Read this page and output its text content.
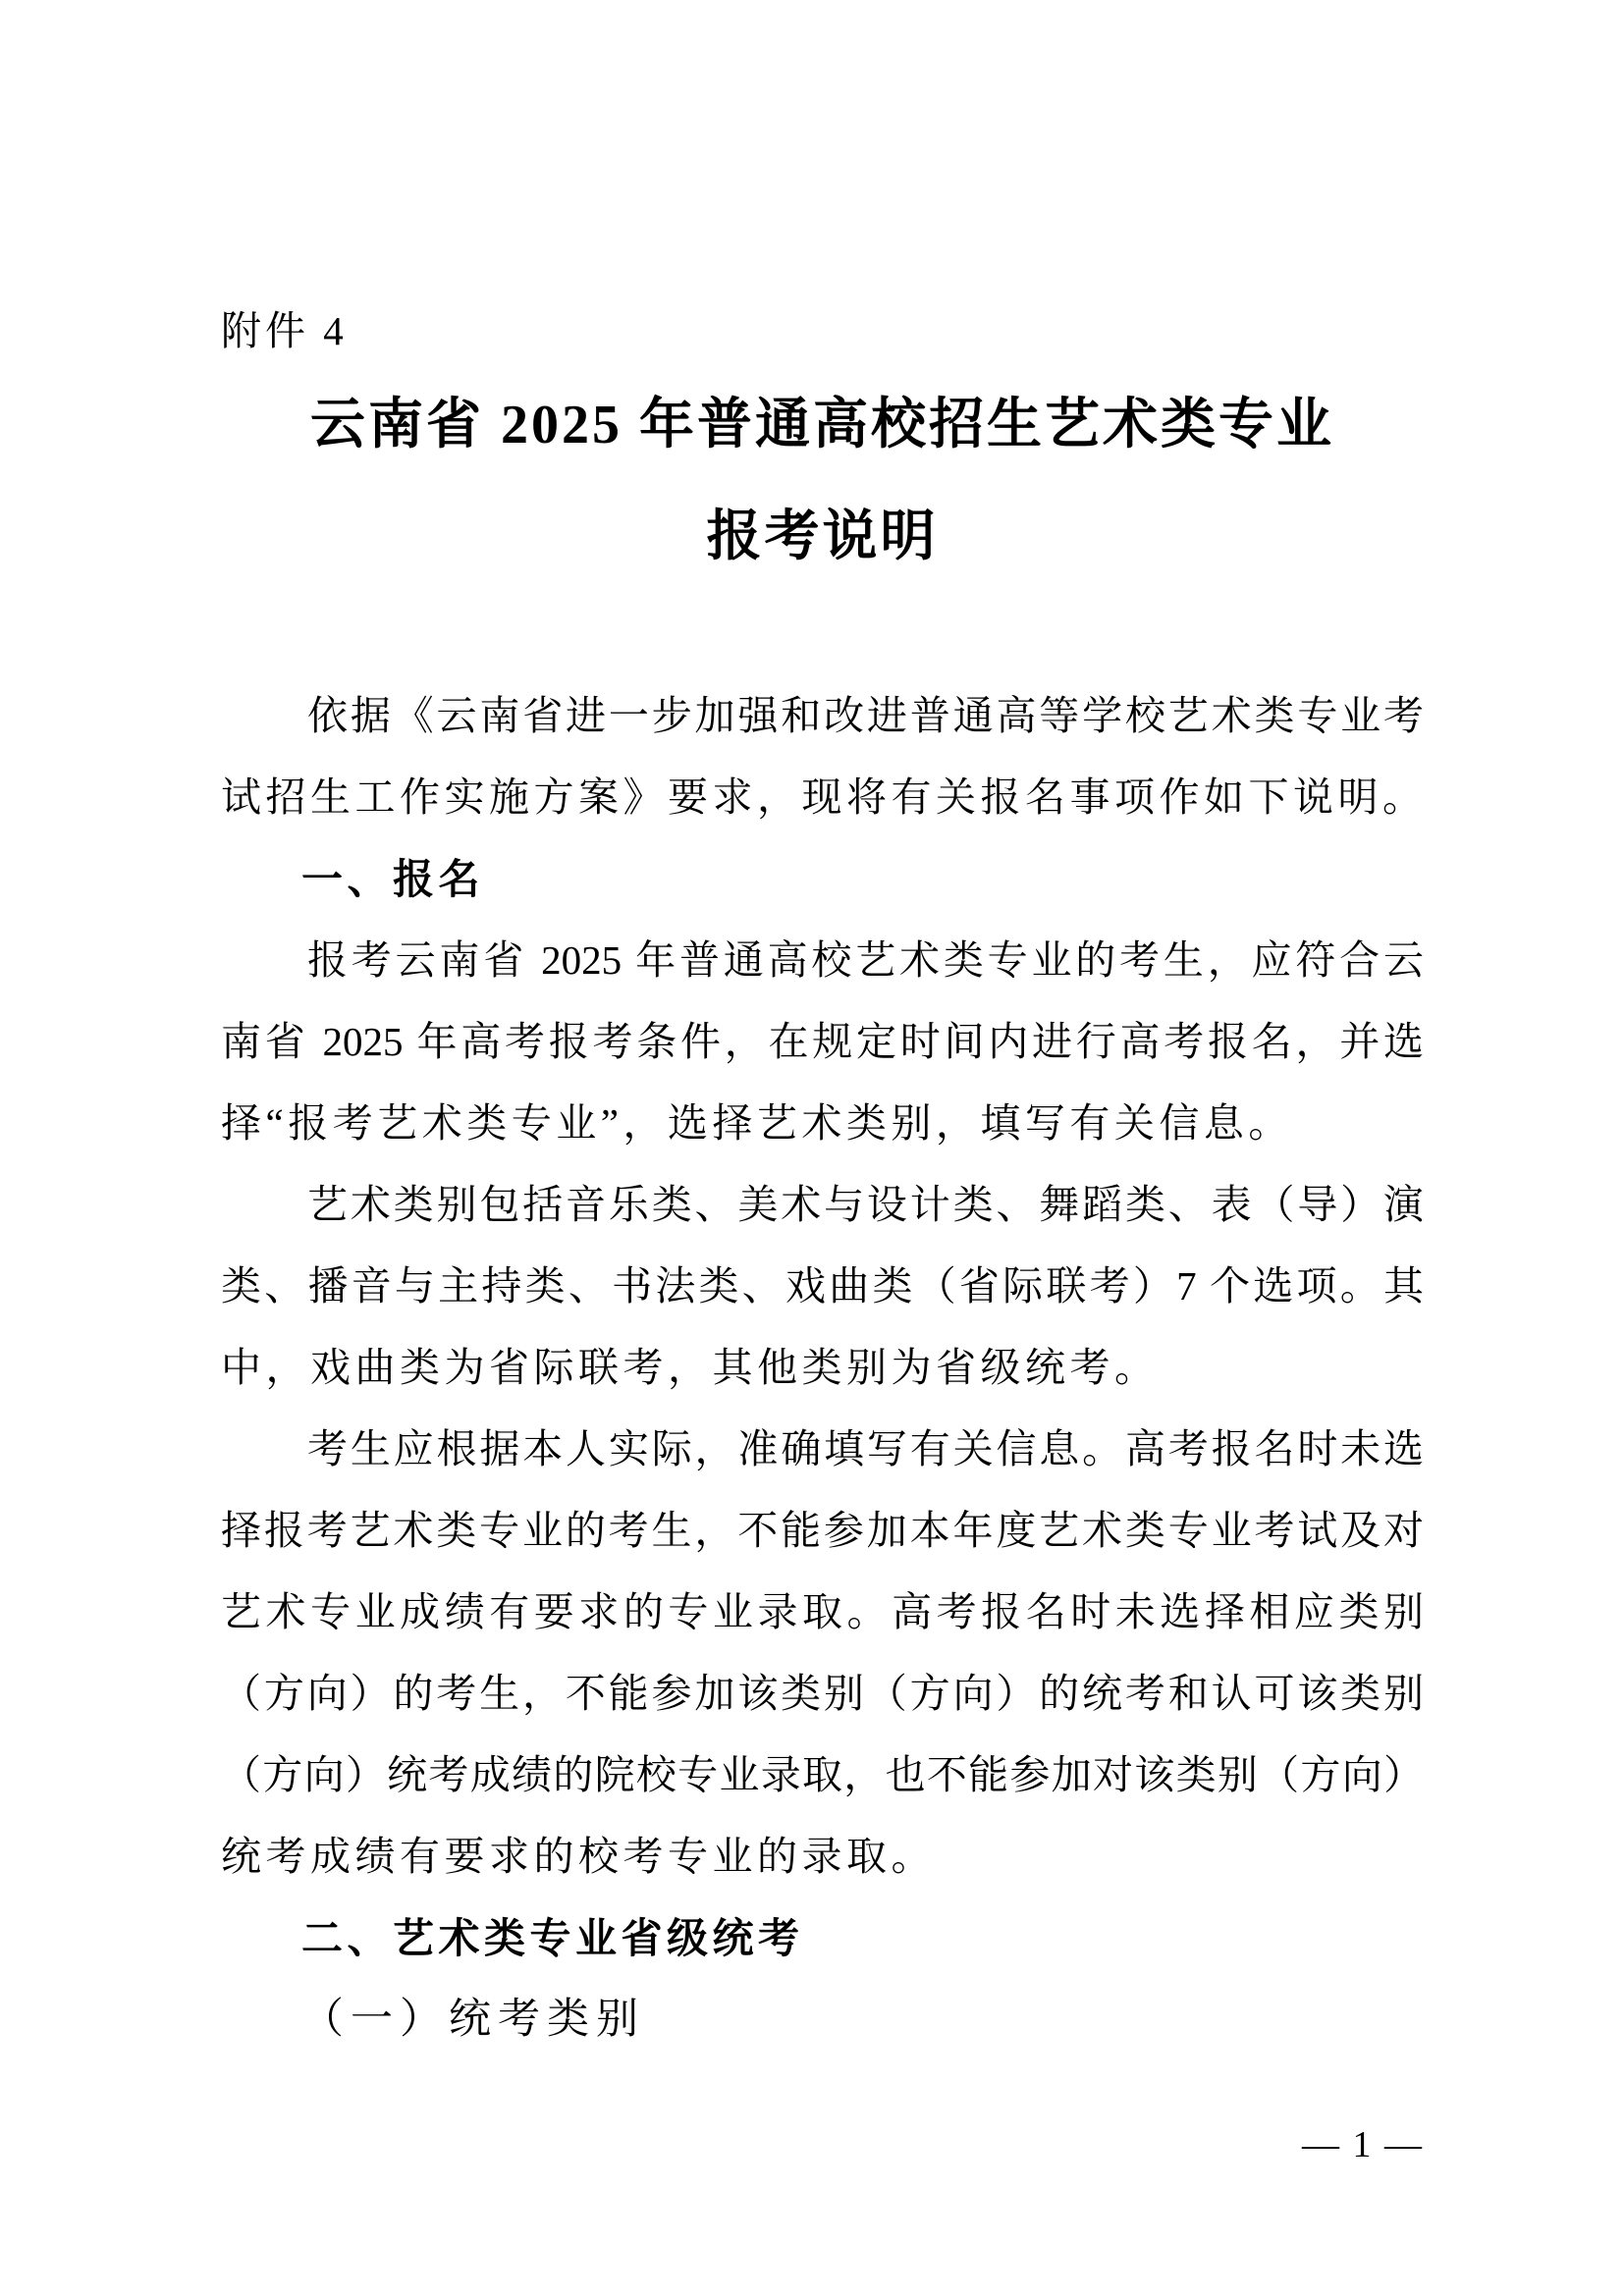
附件 4
云南省 2025 年普通高校招生艺术类专业
报考说明
依据《云南省进一步加强和改进普通高等学校艺术类专业考
试招生工作实施方案》要求，现将有关报名事项作如下说明。
一、报名
报考云南省 2025 年普通高校艺术类专业的考生，应符合云
南省 2025 年高考报考条件，在规定时间内进行高考报名，并选
择“报考艺术类专业”，选择艺术类别，填写有关信息。
艺术类别包括音乐类、美术与设计类、舞蹈类、表（导）演
类、播音与主持类、书法类、戏曲类（省际联考）7 个选项。其
中，戏曲类为省际联考，其他类别为省级统考。
考生应根据本人实际，准确填写有关信息。高考报名时未选
择报考艺术类专业的考生，不能参加本年度艺术类专业考试及对
艺术专业成绩有要求的专业录取。高考报名时未选择相应类别
（方向）的考生，不能参加该类别（方向）的统考和认可该类别
（方向）统考成绩的院校专业录取，也不能参加对该类别（方向）
统考成绩有要求的校考专业的录取。
二、艺术类专业省级统考
（一）统考类别
— 1 —
